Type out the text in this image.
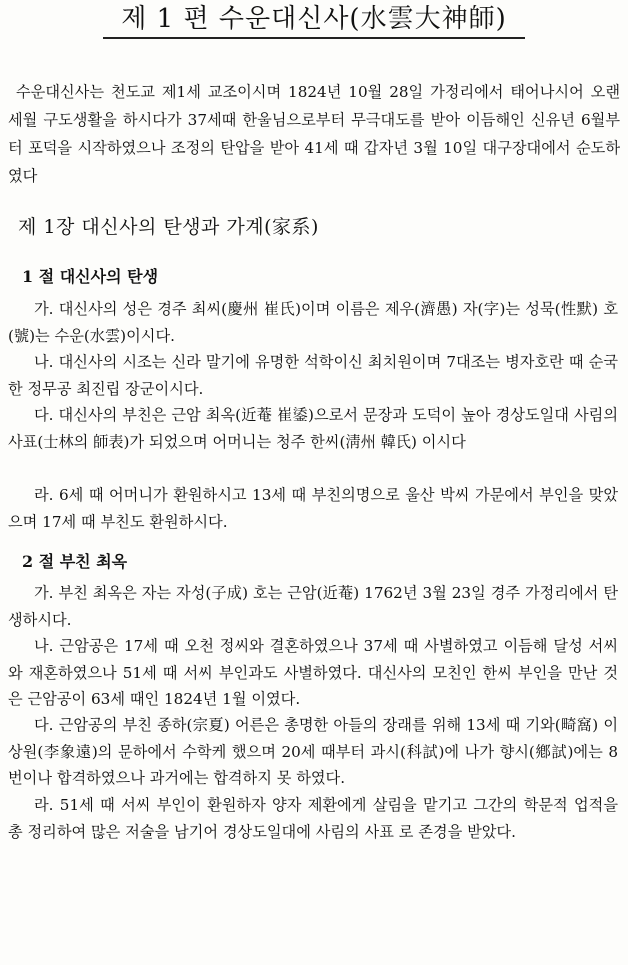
제 1 편 수운대신사(水雲大神師)
수운대신사는 천도교 제1세 교조이시며 1824년 10월 28일 가정리에서 태어나시어 오랜 세월 구도생활을 하시다가 37세때 한울님으로부터 무극대도를 받아 이듬해인 신유년 6월부터 포덕을 시작하였으나 조정의 탄압을 받아 41세 때 갑자년 3월 10일 대구장대에서 순도하였다
제 1장 대신사의 탄생과 가계(家系)
1 절 대신사의 탄생
가. 대신사의 성은 경주 최씨(慶州 崔氏)이며 이름은 제우(濟愚) 자(字)는 성묵(性默) 호(號)는 수운(水雲)이시다.
나. 대신사의 시조는 신라 말기에 유명한 석학이신 최치원이며 7대조는 병자호란 때 순국한 정무공 최진립 장군이시다.
다. 대신사의 부친은 근암 최옥(近菴 崔鋈)으로서 문장과 도덕이 높아 경상도일대 사림의 사표(士林의 師表)가 되었으며 어머니는 청주 한씨(淸州 韓氏) 이시다
라. 6세 때 어머니가 환원하시고 13세 때 부친의명으로 울산 박씨 가문에서 부인을 맞았으며 17세 때 부친도 환원하시다.
2 절 부친 최옥
가. 부친 최옥은 자는 자성(子成) 호는 근암(近菴) 1762년 3월 23일 경주 가정리에서 탄생하시다.
나. 근암공은 17세 때 오천 정씨와 결혼하였으나 37세 때 사별하였고 이듬해 달성 서씨와 재혼하였으나 51세 때 서씨 부인과도 사별하였다. 대신사의 모친인 한씨 부인을 만난 것은 근암공이 63세 때인 1824년 1월 이였다.
다. 근암공의 부친 종하(宗夏) 어른은 총명한 아들의 장래를 위해 13세 때 기와(畸窩) 이상원(李象遠)의 문하에서 수학케 했으며 20세 때부터 과시(科試)에 나가 향시(鄕試)에는 8번이나 합격하였으나 과거에는 합격하지 못 하였다.
라. 51세 때 서씨 부인이 환원하자 양자 제환에게 살림을 맡기고 그간의 학문적 업적을 총 정리하여 많은 저술을 남기어 경상도일대에 사림의 사표 로 존경을 받았다.
